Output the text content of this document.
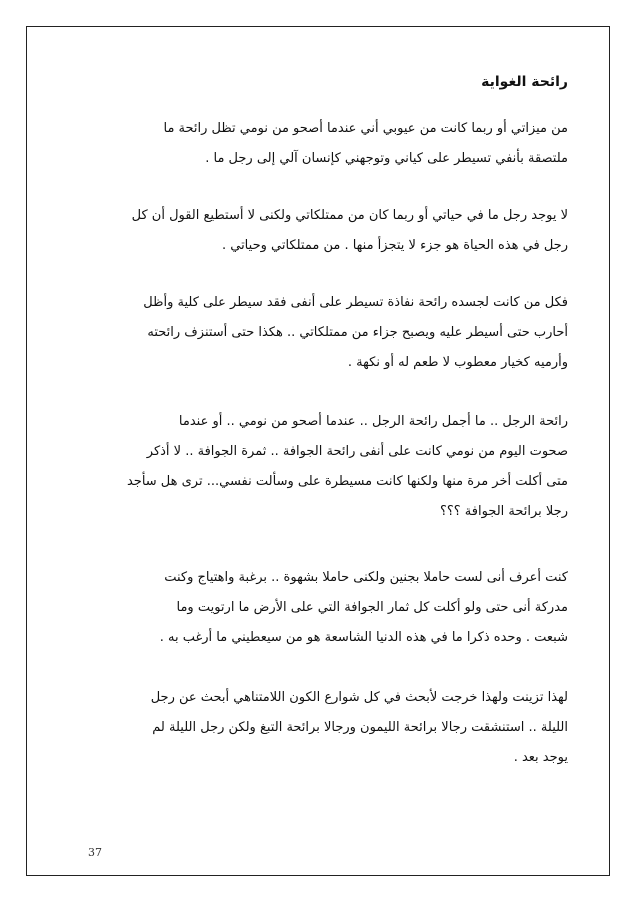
رائحة الغواية
من ميزاتي أو ربما كانت من عيوبي أني عندما أصحو من نومي تظل رائحة ما
ملتصقة بأنفي تسيطر على كياني وتوجهني كإنسان آلي إلى رجل ما .
لا يوجد رجل ما في حياتي أو ربما كان من ممتلكاتي ولكنى لا أستطيع القول أن كل
رجل في هذه الحياة هو جزء لا يتجزأ منها . من ممتلكاتي وحياتي .
فكل من كانت لجسده رائحة نفاذة تسيطر على أنفى فقد سيطر على كلية وأظل
أحارب حتى أسيطر عليه ويصبح جزاء من ممتلكاتي .. هكذا حتى أستنزف رائحته
وأرميه كخيار معطوب لا طعم له أو نكهة .
رائحة الرجل .. ما أجمل رائحة الرجل .. عندما أصحو من نومي .. أو عندما
صحوت اليوم من نومي كانت على أنفى رائحة الجوافة .. ثمرة الجوافة .. لا أذكر
متى أكلت أخر مرة منها ولكنها كانت مسيطرة على وسألت نفسي... ترى هل سأجد
رجلا برائحة الجوافة ؟؟؟
كنت أعرف أنى لست حاملا بجنين ولكنى حاملا بشهوة .. برغبة واهتياج وكنت
مدركة أنى حتى ولو أكلت كل ثمار الجوافة التي على الأرض ما ارتويت وما
شبعت . وحده ذكرا ما في هذه الدنيا الشاسعة هو من سيعطيني ما أرغب به .
لهذا تزينت ولهذا خرجت لأبحث في كل شوارع الكون اللامتناهي أبحث عن رجل
الليلة .. استنشقت رجالا برائحة الليمون ورجالا برائحة التبغ ولكن رجل الليلة لم
يوجد بعد .
37
